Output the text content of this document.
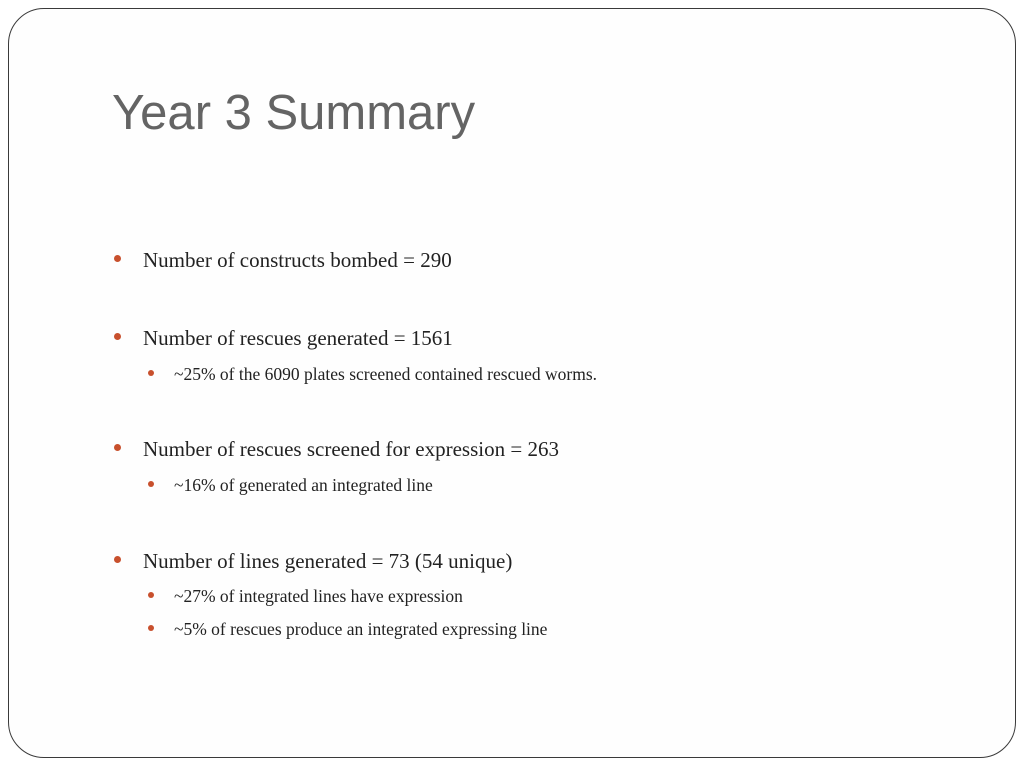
Year 3 Summary
Number of constructs bombed = 290
Number of rescues generated = 1561
~25% of the 6090 plates screened contained rescued worms.
Number of rescues screened for expression = 263
~16% of generated an integrated line
Number of lines generated = 73 (54 unique)
~27% of integrated lines have expression
~5% of rescues produce an integrated expressing line
